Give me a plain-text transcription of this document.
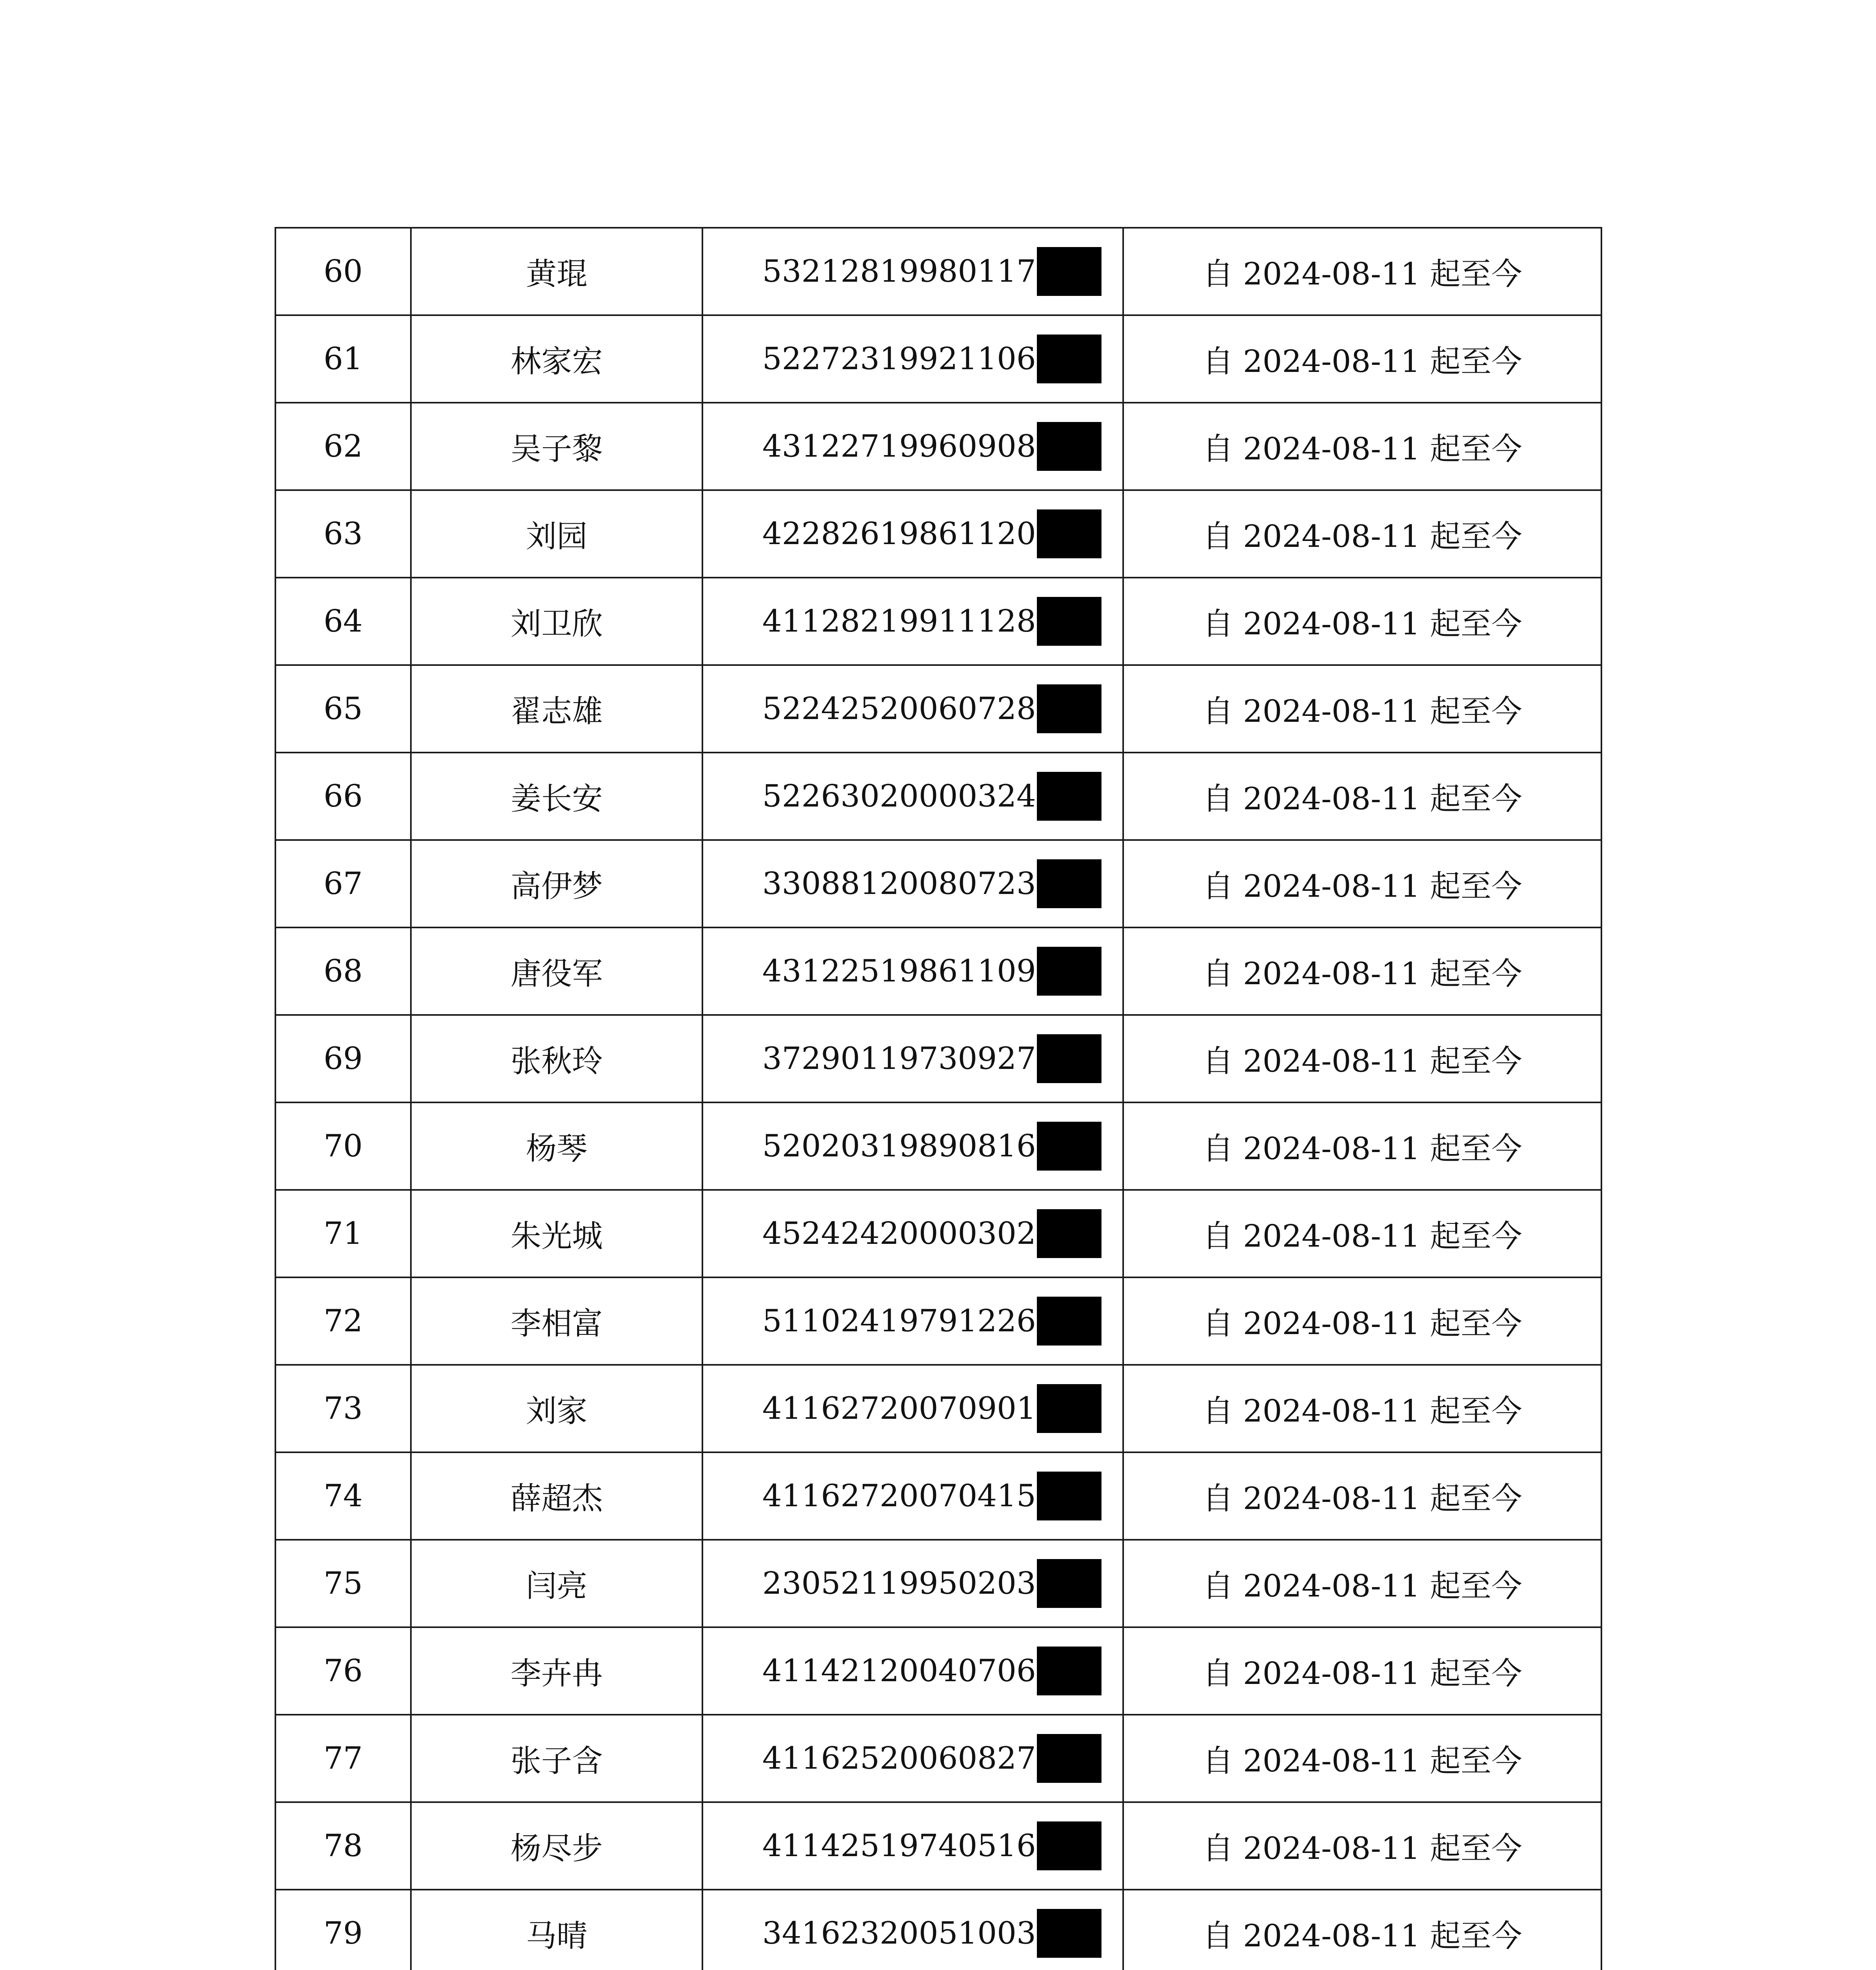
60	黄琨	53212819980117	自 2024-08-11 起至今
61	林家宏	52272319921106	自 2024-08-11 起至今
62	吴子黎	43122719960908	自 2024-08-11 起至今
63	刘园	42282619861120	自 2024-08-11 起至今
64	刘卫欣	41128219911128	自 2024-08-11 起至今
65	翟志雄	52242520060728	自 2024-08-11 起至今
66	姜长安	52263020000324	自 2024-08-11 起至今
67	高伊梦	33088120080723	自 2024-08-11 起至今
68	唐役军	43122519861109	自 2024-08-11 起至今
69	张秋玲	37290119730927	自 2024-08-11 起至今
70	杨琴	52020319890816	自 2024-08-11 起至今
71	朱光城	45242420000302	自 2024-08-11 起至今
72	李相富	51102419791226	自 2024-08-11 起至今
73	刘家	41162720070901	自 2024-08-11 起至今
74	薛超杰	41162720070415	自 2024-08-11 起至今
75	闫亮	23052119950203	自 2024-08-11 起至今
76	李卉冉	41142120040706	自 2024-08-11 起至今
77	张子含	41162520060827	自 2024-08-11 起至今
78	杨尽步	41142519740516	自 2024-08-11 起至今
79	马晴	34162320051003	自 2024-08-11 起至今
